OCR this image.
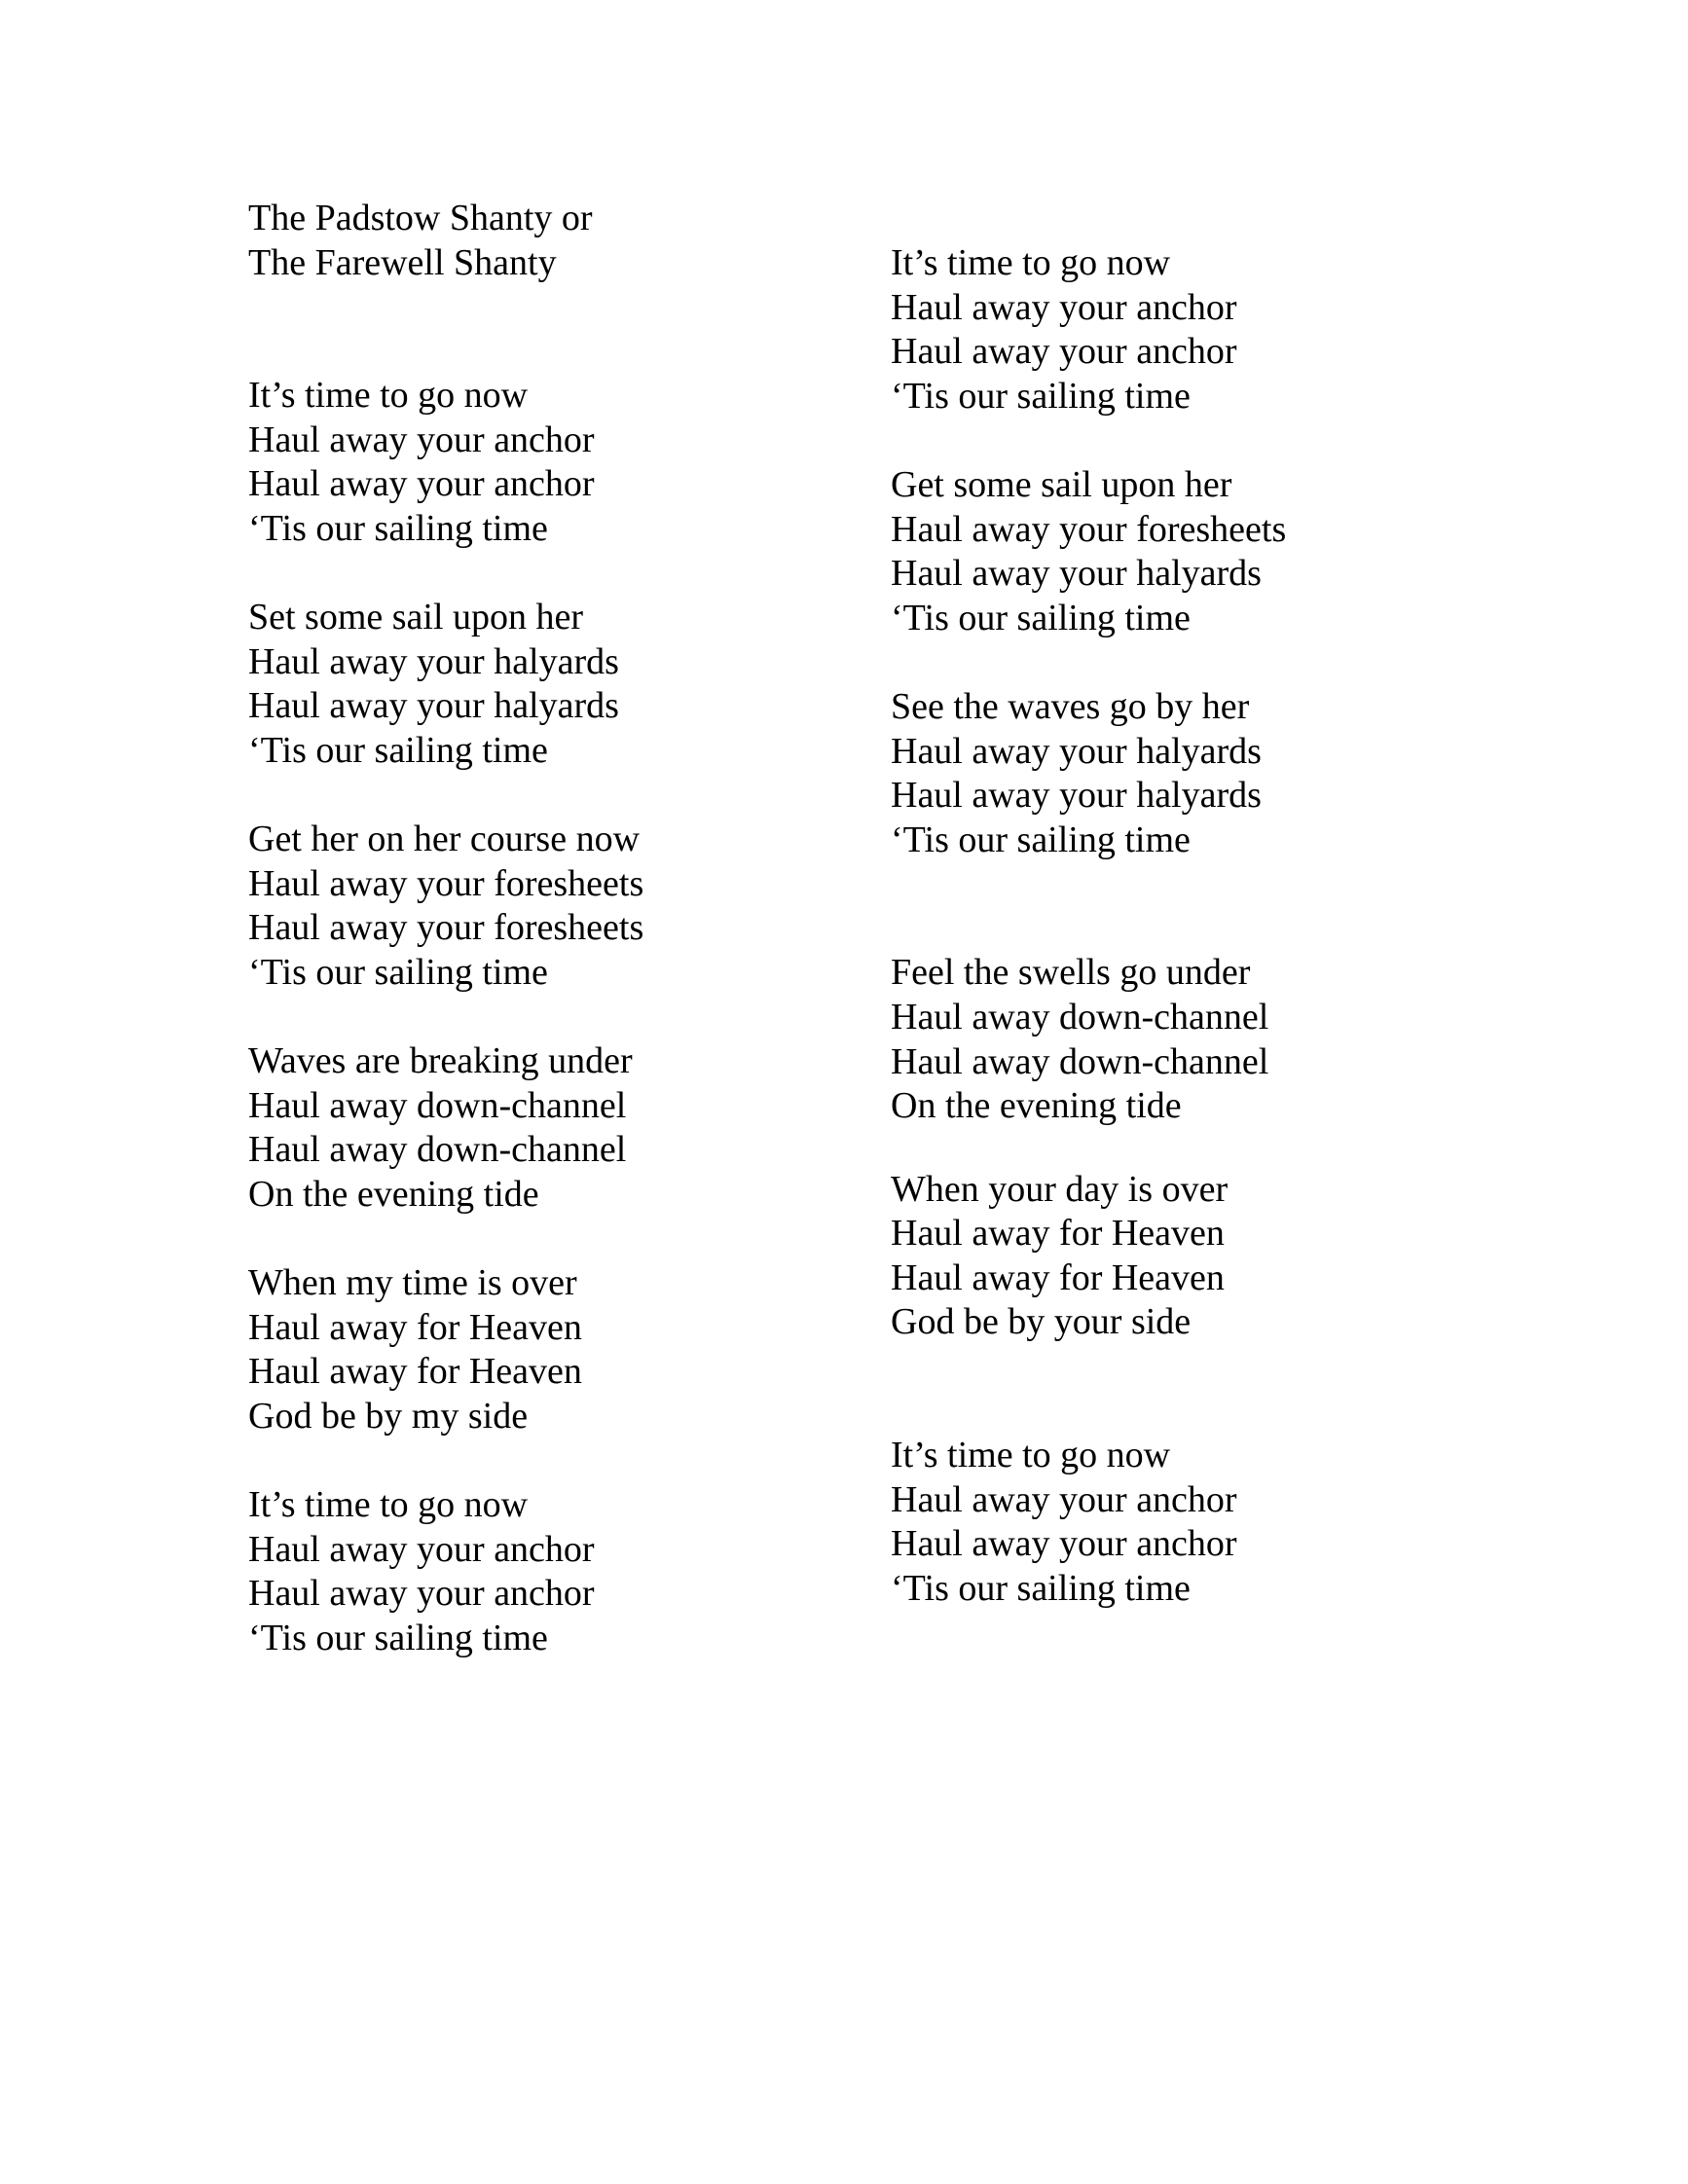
The Padstow Shanty or
The Farewell Shanty
It’s time to go now
Haul away your anchor
Haul away your anchor
‘Tis our sailing time
Set some sail upon her
Haul away your halyards
Haul away your halyards
‘Tis our sailing time
Get her on her course now
Haul away your foresheets
Haul away your foresheets
‘Tis our sailing time
Waves are breaking under
Haul away down-channel
Haul away down-channel
On the evening tide
When my time is over
Haul away for Heaven
Haul away for Heaven
God be by my side
It’s time to go now
Haul away your anchor
Haul away your anchor
‘Tis our sailing time
It’s time to go now
Haul away your anchor
Haul away your anchor
‘Tis our sailing time
Get some sail upon her
Haul away your foresheets
Haul away your halyards
‘Tis our sailing time
See the waves go by her
Haul away your halyards
Haul away your halyards
‘Tis our sailing time
Feel the swells go under
Haul away down-channel
Haul away down-channel
On the evening tide
When your day is over
Haul away for Heaven
Haul away for Heaven
God be by your side
It’s time to go now
Haul away your anchor
Haul away your anchor
‘Tis our sailing time
